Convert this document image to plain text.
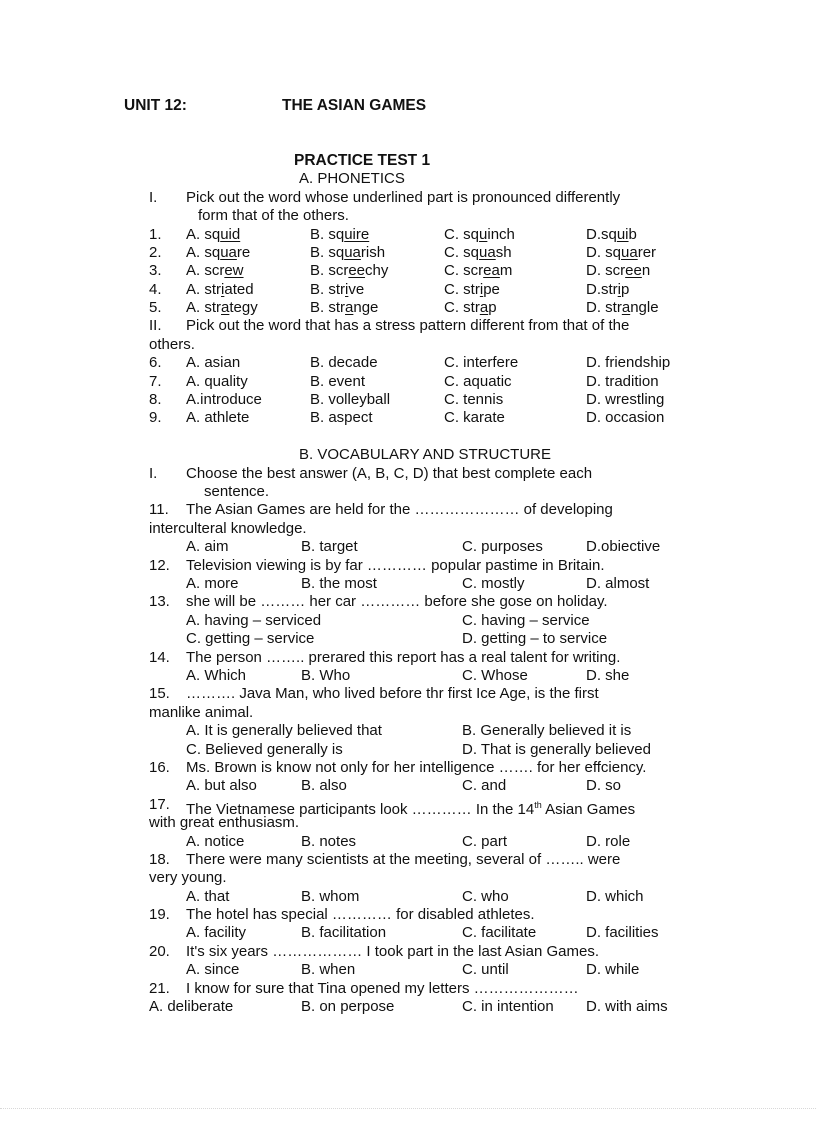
UNIT 12:	THE ASIAN GAMES
PRACTICE TEST 1
A. PHONETICS
I. Pick out the word whose underlined part is pronounced differently
form that of the others.
1. A. squid	B. squire	C. squinch	D.squib
2. A. square	B. squarish	C. squash	D. squarer
3. A. screw	B. screechy	C. scream	D. screen
4. A. striated	B. strive	C. stripe	D.strip
5. A. strategy	B. strange	C. strap	D. strangle
II. Pick out the word that has a stress pattern different from that of the
others.
6. A. asian	B. decade	C. interfere	D. friendship
7. A. quality	B. event	C. aquatic	D. tradition
8. A.introduce	B. volleyball	C. tennis	D. wrestling
9. A. athlete	B. aspect	C. karate	D. occasion
B. VOCABULARY AND STRUCTURE
I. Choose the best answer (A, B, C, D) that best complete each
sentence.
11. The Asian Games are held for the ………………… of developing
interculteral knowledge.
A. aim	B. target	C. purposes	D.obiective
12. Television viewing is by far ………… popular pastime in Britain.
A. more	B. the most	C. mostly	D. almost
13. she will be ……… her car ………… before she gose on holiday.
A. having – serviced	C. having – service
C. getting – service	D. getting – to service
14. The person …….. prerared this report has a real talent for writing.
A. Which	B. Who	C. Whose	D. she
15. ………. Java Man, who lived before thr first Ice Age, is the first
manlike animal.
A. It is generally believed that	B. Generally believed it is
C. Believed generally is	D. That is generally believed
16. Ms. Brown is know not only for her intelligence ……. for her effciency.
A. but also	B. also	C. and	D. so
17. The Vietnamese participants look ………… In the 14th Asian Games
with great enthusiasm.
A. notice	B. notes	C. part	D. role
18. There were many scientists at the meeting, several of …….. were
very young.
A. that	B. whom	C. who	D. which
19. The hotel has special ………… for disabled athletes.
A. facility	B. facilitation	C. facilitate	D. facilities
20. It's six years ……………… I took part in the last Asian Games.
A. since	B. when	C. until	D. while
21. I know for sure that Tina opened my letters …………………
A. deliberate	B. on perpose	C. in intention D. with aims
